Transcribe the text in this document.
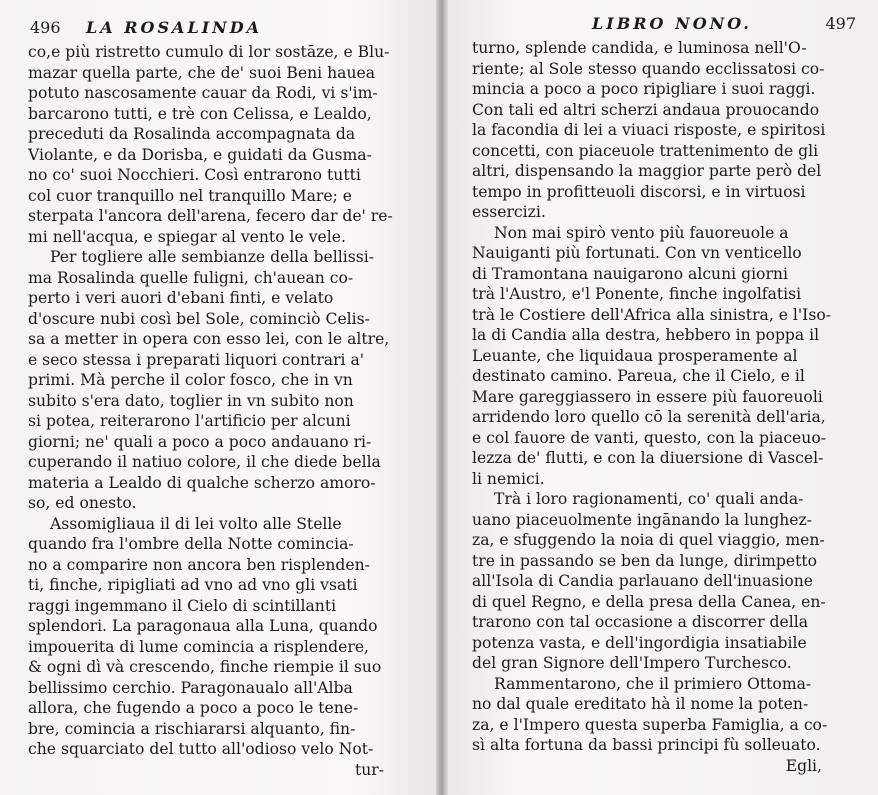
496 LA ROSALINDA
co,e più ristretto cumulo di lor sostāze, e Blu-
mazar quella parte, che de' suoi Beni hauea
potuto nascosamente cauar da Rodi, vi s'im-
barcarono tutti, e trè con Celissa, e Lealdo,
preceduti da Rosalinda accompagnata da
Violante, e da Dorisba, e guidati da Gusma-
no co' suoi Nocchieri. Così entrarono tutti
col cuor tranquillo nel tranquillo Mare; e
sterpata l'ancora dell'arena, fecero dar de' re-
mi nell'acqua, e spiegar al vento le vele.
Per togliere alle sembianze della bellissi-
ma Rosalinda quelle fuligni, ch'auean co-
perto i veri auori d'ebani finti, e velato
d'oscure nubi così bel Sole, cominciò Celis-
sa a metter in opera con esso lei, con le altre,
e seco stessa i preparati liquori contrari a'
primi. Mà perche il color fosco, che in vn
subito s'era dato, toglier in vn subito non
si potea, reiterarono l'artificio per alcuni
giorni; ne' quali a poco a poco andauano ri-
cuperando il natiuo colore, il che diede bella
materia a Lealdo di qualche scherzo amoro-
so, ed onesto.
Assomigliaua il di lei volto alle Stelle
quando fra l'ombre della Notte comincia-
no a comparire non ancora ben risplenden-
ti, finche, ripigliati ad vno ad vno gli vsati
raggi ingemmano il Cielo di scintillanti
splendori. La paragonaua alla Luna, quando
impouerita di lume comincia a risplendere,
& ogni dì và crescendo, finche riempie il suo
bellissimo cerchio. Paragonaualo all'Alba
allora, che fugendo a poco a poco le tene-
bre, comincia a rischiararsi alquanto, fin-
che squarciato del tutto all'odioso velo Not-
tur-
LIBRO NONO.	497
turno, splende candida, e luminosa nell'O-
riente; al Sole stesso quando ecclissatosi co-
mincia a poco a poco ripigliare i suoi raggi.
Con tali ed altri scherzi andaua prouocando
la facondia di lei a viuaci risposte, e spiritosi
concetti, con piaceuole trattenimento de gli
altri, dispensando la maggior parte però del
tempo in profitteuoli discorsi, e in virtuosi
essercizi.
Non mai spirò vento più fauoreuole a
Nauiganti più fortunati. Con vn venticello
di Tramontana nauigarono alcuni giorni
trà l'Austro, e'l Ponente, finche ingolfatisi
trà le Costiere dell'Africa alla sinistra, e l'Iso-
la di Candia alla destra, hebbero in poppa il
Leuante, che liquidaua prosperamente al
destinato camino. Pareua, che il Cielo, e il
Mare gareggiassero in essere più fauoreuoli
arridendo loro quello cō la serenità dell'aria,
e col fauore de vanti, questo, con la piaceuo-
lezza de' flutti, e con la diuersione di Vascel-
li nemici.
Trà i loro ragionamenti, co' quali anda-
uano piaceuolmente ingānando la lunghez-
za, e sfuggendo la noia di quel viaggio, men-
tre in passando se ben da lunge, dirimpetto
all'Isola di Candia parlauano dell'inuasione
di quel Regno, e della presa della Canea, en-
trarono con tal occasione a discorrer della
potenza vasta, e dell'ingordigia insatiabile
del gran Signore dell'Impero Turchesco.
Rammentarono, che il primiero Ottoma-
no dal quale ereditato hà il nome la poten-
za, e l'Impero questa superba Famiglia, a co-
sì alta fortuna da bassi principi fù solleuato.
Egli,
